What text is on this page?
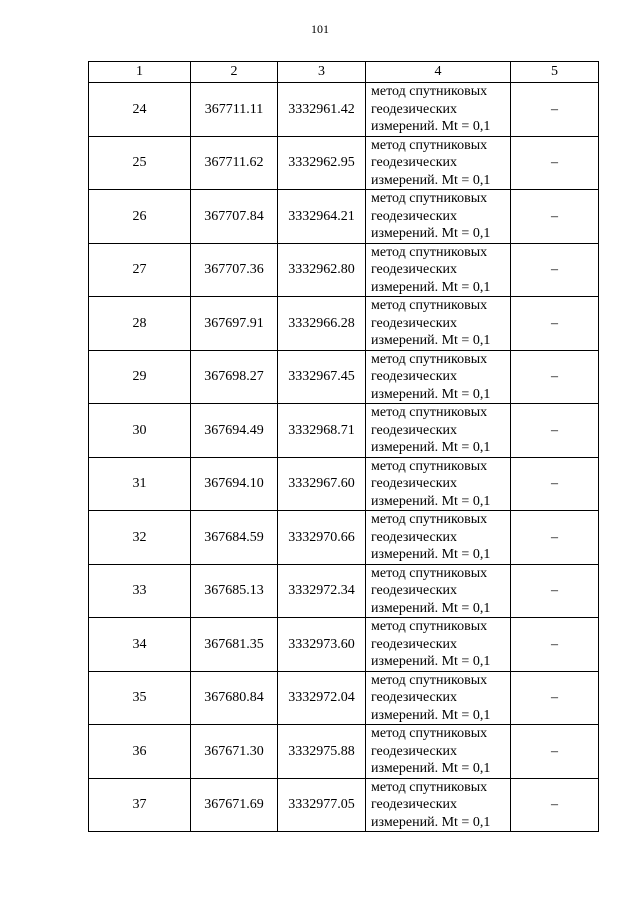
101
1	2	3	4	5
24	367711.11	3332961.42	метод спутниковых
геодезических
измерений. Mt = 0,1	–
25	367711.62	3332962.95	метод спутниковых
геодезических
измерений. Mt = 0,1	–
26	367707.84	3332964.21	метод спутниковых
геодезических
измерений. Mt = 0,1	–
27	367707.36	3332962.80	метод спутниковых
геодезических
измерений. Mt = 0,1	–
28	367697.91	3332966.28	метод спутниковых
геодезических
измерений. Mt = 0,1	–
29	367698.27	3332967.45	метод спутниковых
геодезических
измерений. Mt = 0,1	–
30	367694.49	3332968.71	метод спутниковых
геодезических
измерений. Mt = 0,1	–
31	367694.10	3332967.60	метод спутниковых
геодезических
измерений. Mt = 0,1	–
32	367684.59	3332970.66	метод спутниковых
геодезических
измерений. Mt = 0,1	–
33	367685.13	3332972.34	метод спутниковых
геодезических
измерений. Mt = 0,1	–
34	367681.35	3332973.60	метод спутниковых
геодезических
измерений. Mt = 0,1	–
35	367680.84	3332972.04	метод спутниковых
геодезических
измерений. Mt = 0,1	–
36	367671.30	3332975.88	метод спутниковых
геодезических
измерений. Mt = 0,1	–
37	367671.69	3332977.05	метод спутниковых
геодезических
измерений. Mt = 0,1	–
